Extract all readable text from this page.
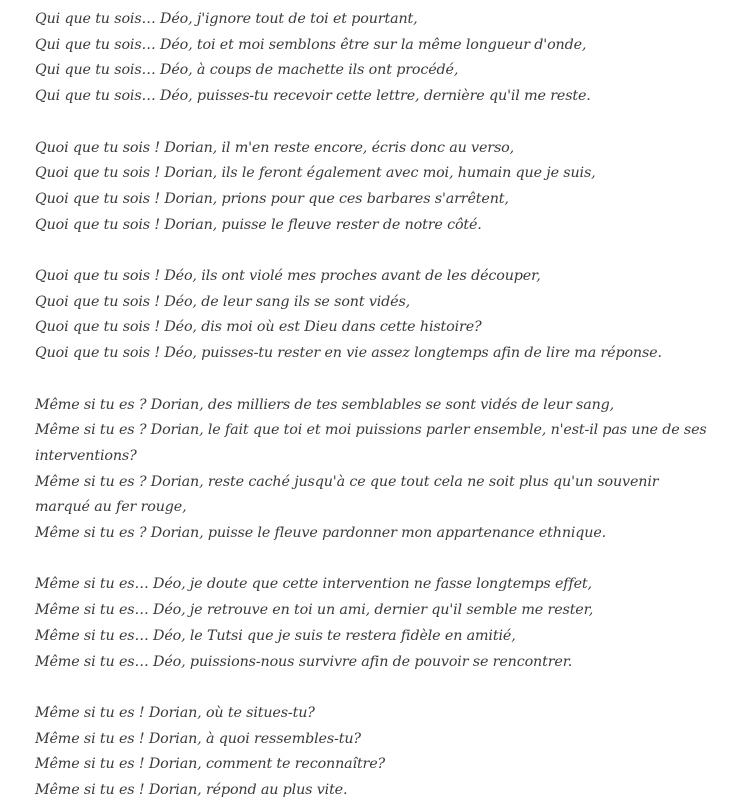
Qui que tu sois… Déo, j'ignore tout de toi et pourtant,
Qui que tu sois… Déo, toi et moi semblons être sur la même longueur d'onde,
Qui que tu sois… Déo, à coups de machette ils ont procédé,
Qui que tu sois… Déo, puisses-tu recevoir cette lettre, dernière qu'il me reste.
Quoi que tu sois ! Dorian, il m'en reste encore, écris donc au verso,
Quoi que tu sois ! Dorian, ils le feront également avec moi, humain que je suis,
Quoi que tu sois ! Dorian, prions pour que ces barbares s'arrêtent,
Quoi que tu sois ! Dorian, puisse le fleuve rester de notre côté.
Quoi que tu sois ! Déo, ils ont violé mes proches avant de les découper,
Quoi que tu sois ! Déo, de leur sang ils se sont vidés,
Quoi que tu sois ! Déo, dis moi où est Dieu dans cette histoire?
Quoi que tu sois ! Déo, puisses-tu rester en vie assez longtemps afin de lire ma réponse.
Même si tu es ? Dorian, des milliers de tes semblables se sont vidés de leur sang,
Même si tu es ? Dorian, le fait que toi et moi puissions parler ensemble, n'est-il pas une de ses interventions?
Même si tu es ? Dorian, reste caché jusqu'à ce que tout cela ne soit plus qu'un souvenir marqué au fer rouge,
Même si tu es ? Dorian, puisse le fleuve pardonner mon appartenance ethnique.
Même si tu es… Déo, je doute que cette intervention ne fasse longtemps effet,
Même si tu es… Déo, je retrouve en toi un ami, dernier qu'il semble me rester,
Même si tu es… Déo, le Tutsi que je suis te restera fidèle en amitié,
Même si tu es… Déo, puissions-nous survivre afin de pouvoir se rencontrer.
Même si tu es ! Dorian, où te situes-tu?
Même si tu es ! Dorian, à quoi ressembles-tu?
Même si tu es ! Dorian, comment te reconnaître?
Même si tu es ! Dorian, répond au plus vite.
